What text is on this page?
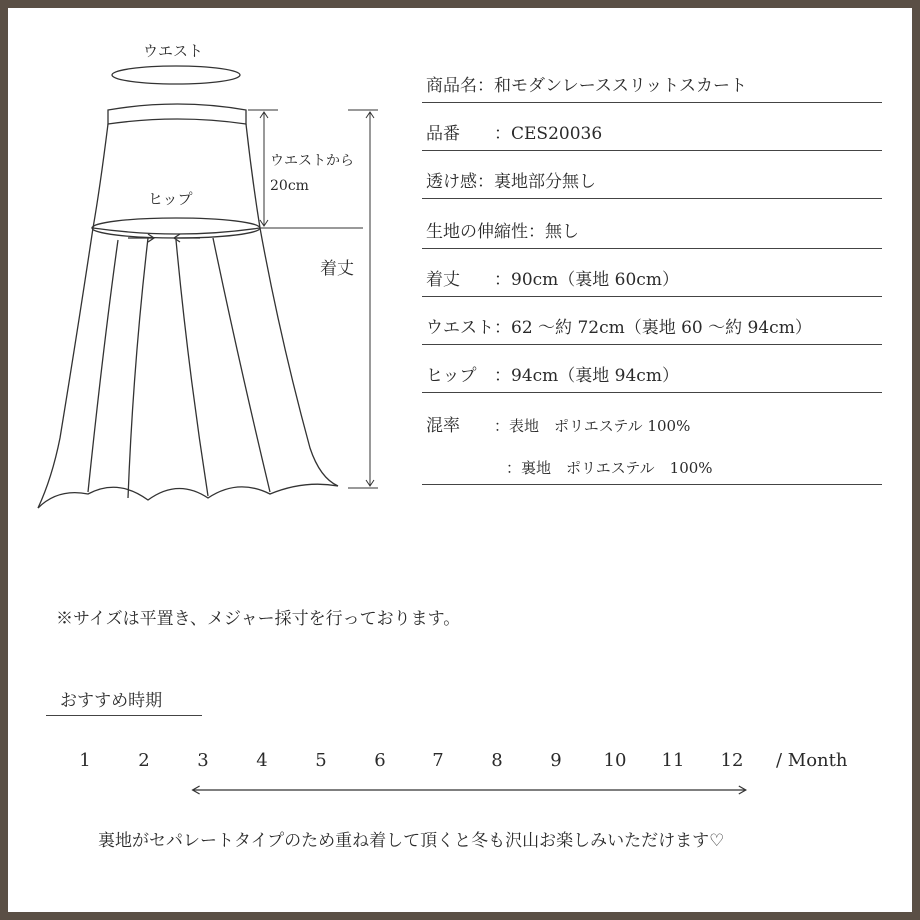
ウエスト
ウエストから
20cm
ヒップ
着丈
商品名：和モダンレーススリットスカート
品番 ：CES20036
透け感：裏地部分無し
生地の伸縮性：無し
着丈 ：90cm（裏地 60cm）
ウエスト：62 〜約 72cm（裏地 60 〜約 94cm）
ヒップ ：94cm（裏地 94cm）
混率 ：表地　ポリエステル 100%
：裏地　ポリエステル　100%
※サイズは平置き、メジャー採寸を行っております。
おすすめ時期
1	2	3	4	5	6	7	8	9	10	11	12	/ Month
裏地がセパレートタイプのため重ね着して頂くと冬も沢山お楽しみいただけます♡
